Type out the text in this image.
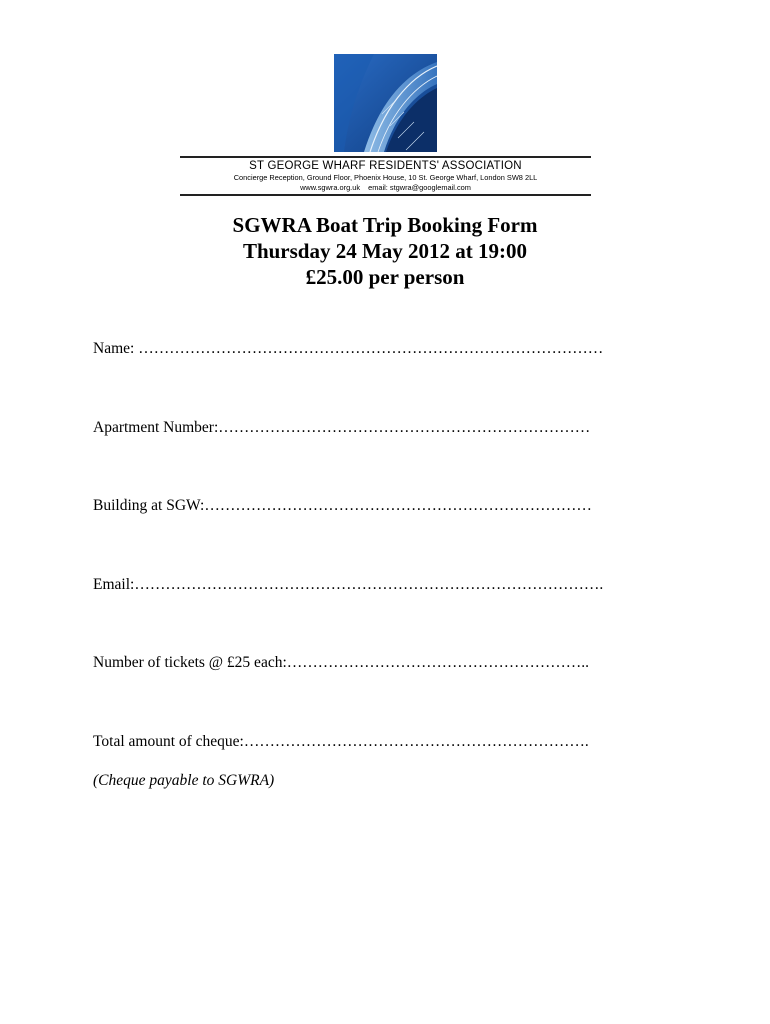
ST GEORGE WHARF RESIDENTS' ASSOCIATION
Concierge Reception, Ground Floor, Phoenix House, 10 St. George Wharf, London SW8 2LL
www.sgwra.org.uk email: stgwra@googlemail.com
SGWRA Boat Trip Booking Form
Thursday 24 May 2012 at 19:00
£25.00 per person
Name: ………………………………………………………………………………
Apartment Number:………………………………………………………………
Building at SGW:…………………………………………………………………
Email:……………………………………………………………………………….
Number of tickets @ £25 each:…………………………………………………..
Total amount of cheque:………………………………………………………….
(Cheque payable to SGWRA)
